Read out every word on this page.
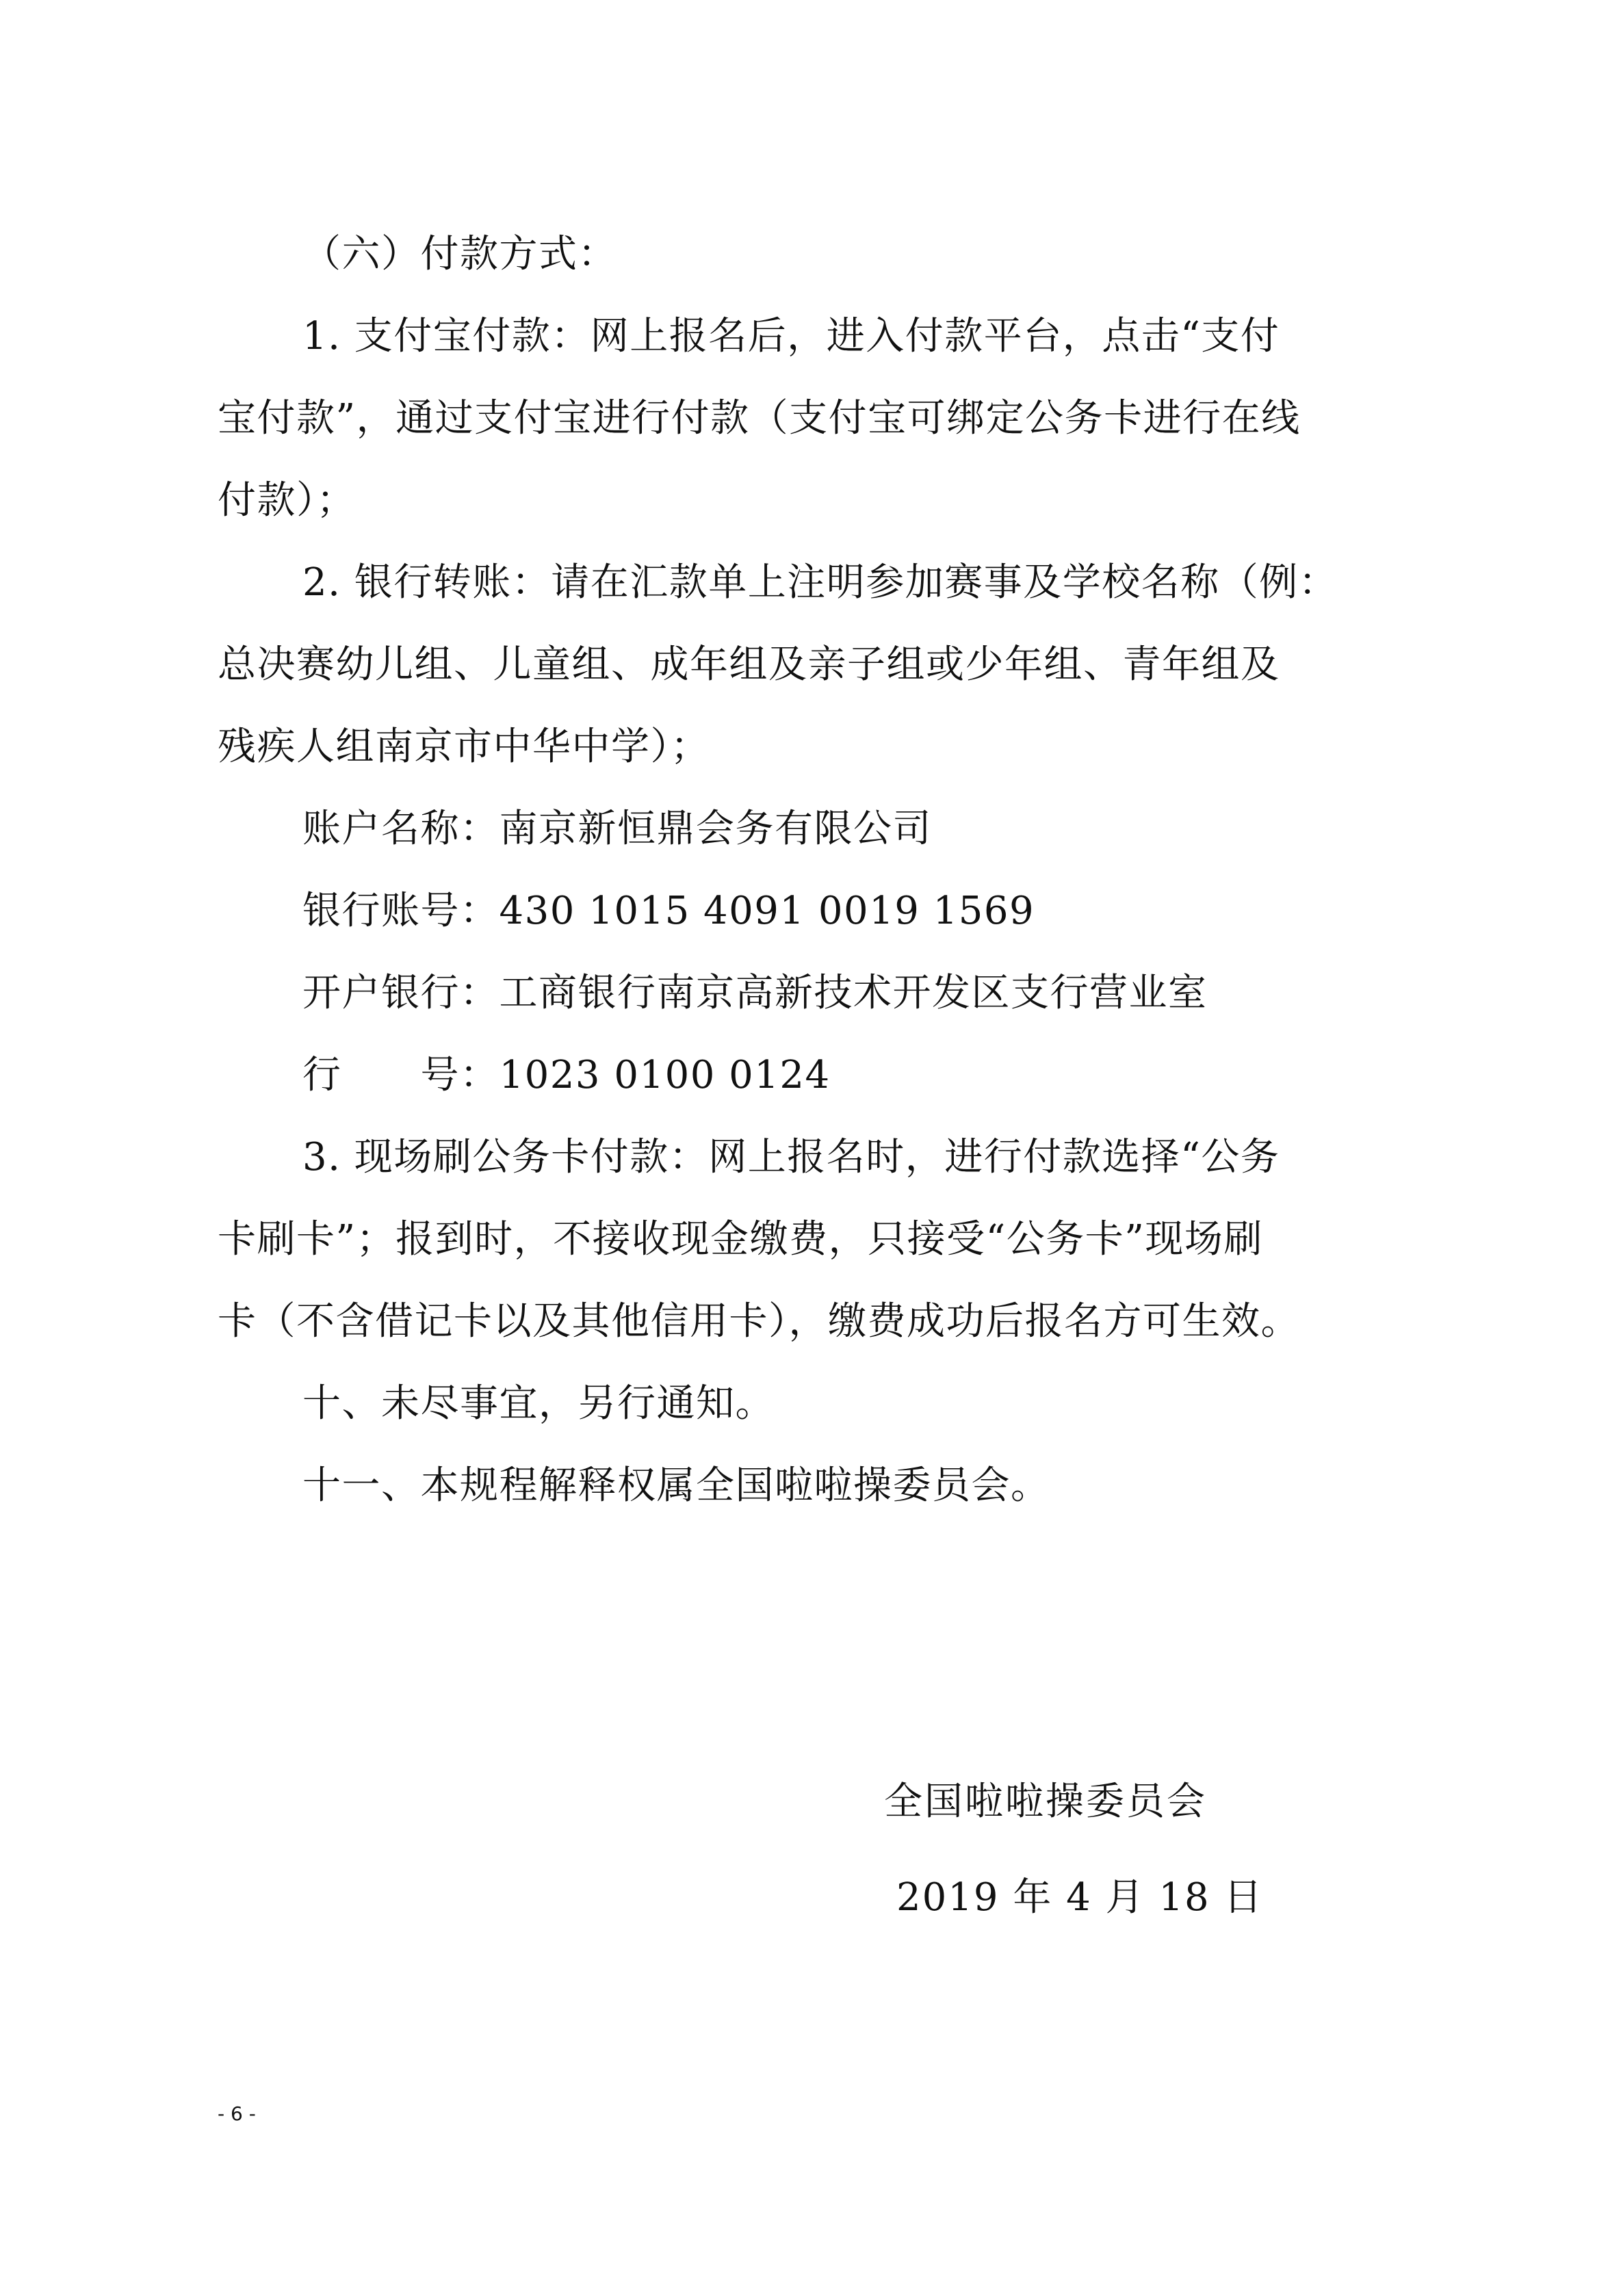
（六）付款方式：
1. 支付宝付款：网上报名后，进入付款平台，点击“支付
宝付款”，通过支付宝进行付款（支付宝可绑定公务卡进行在线
付款）；
2. 银行转账：请在汇款单上注明参加赛事及学校名称（例：
总决赛幼儿组、儿童组、成年组及亲子组或少年组、青年组及
残疾人组南京市中华中学）；
账户名称：南京新恒鼎会务有限公司
银行账号：430 1015 4091 0019 1569
开户银行：工商银行南京高新技术开发区支行营业室
行　　号：1023 0100 0124
3. 现场刷公务卡付款：网上报名时，进行付款选择“公务
卡刷卡”；报到时，不接收现金缴费，只接受“公务卡”现场刷
卡（不含借记卡以及其他信用卡），缴费成功后报名方可生效。
十、未尽事宜，另行通知。
十一、本规程解释权属全国啦啦操委员会。
全国啦啦操委员会
2019 年 4 月 18 日
- 6 -
